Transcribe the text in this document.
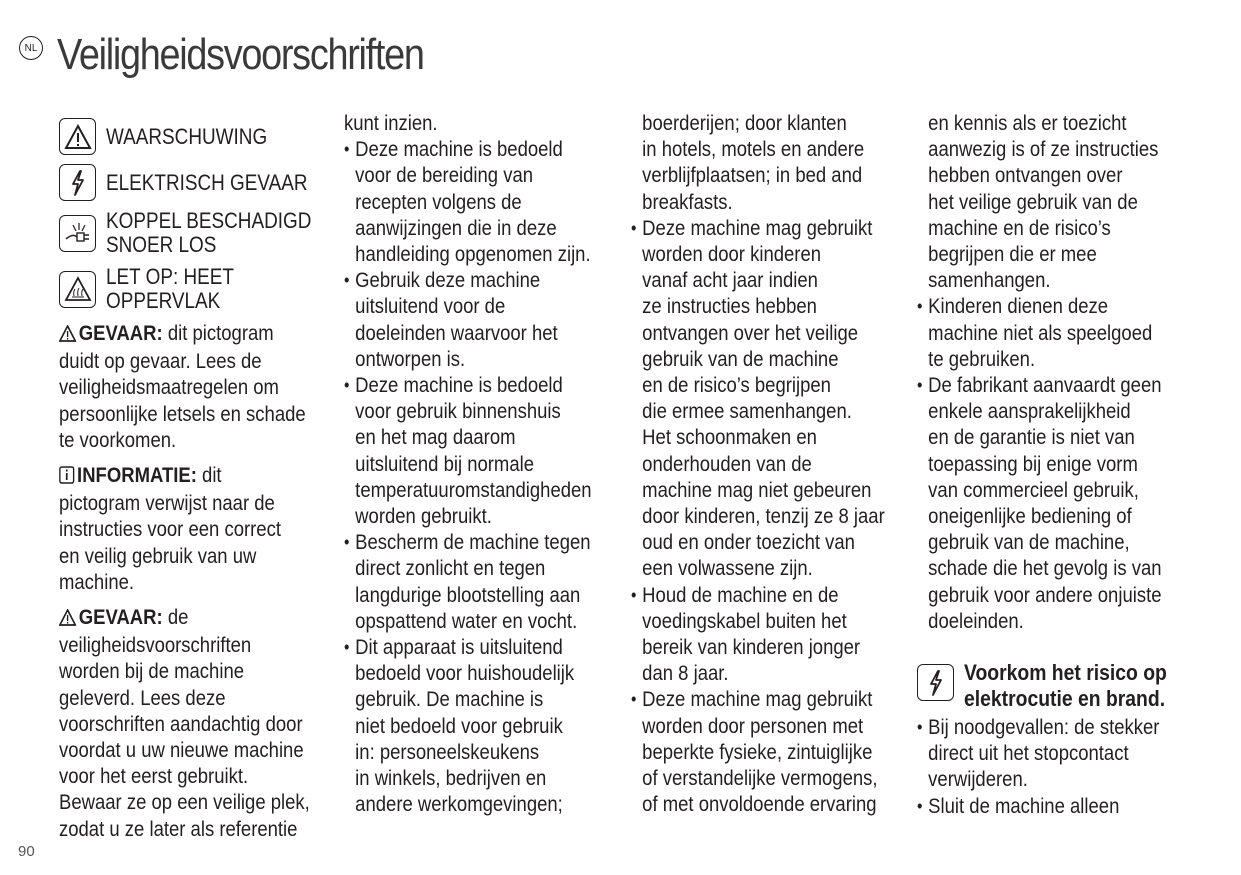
NL Veiligheidsvoorschriften
WAARSCHUWING
ELEKTRISCH GEVAAR
KOPPEL BESCHADIGD
SNOER LOS
LET OP: HEET
OPPERVLAK
GEVAAR: dit pictogram
duidt op gevaar. Lees de
veiligheidsmaatregelen om
persoonlijke letsels en schade
te voorkomen.
INFORMATIE: dit
pictogram verwijst naar de
instructies voor een correct
en veilig gebruik van uw
machine.
GEVAAR: de
veiligheidsvoorschriften
worden bij de machine
geleverd. Lees deze
voorschriften aandachtig door
voordat u uw nieuwe machine
voor het eerst gebruikt.
Bewaar ze op een veilige plek,
zodat u ze later als referentie
kunt inzien.
• Deze machine is bedoeld
voor de bereiding van
recepten volgens de
aanwijzingen die in deze
handleiding opgenomen zijn.
• Gebruik deze machine
uitsluitend voor de
doeleinden waarvoor het
ontworpen is.
• Deze machine is bedoeld
voor gebruik binnenshuis
en het mag daarom
uitsluitend bij normale
temperatuuromstandigheden
worden gebruikt.
• Bescherm de machine tegen
direct zonlicht en tegen
langdurige blootstelling aan
opspattend water en vocht.
• Dit apparaat is uitsluitend
bedoeld voor huishoudelijk
gebruik. De machine is
niet bedoeld voor gebruik
in: personeelskeukens
in winkels, bedrijven en
andere werkomgevingen;
boerderijen; door klanten
in hotels, motels en andere
verblijfplaatsen; in bed and
breakfasts.
• Deze machine mag gebruikt
worden door kinderen
vanaf acht jaar indien
ze instructies hebben
ontvangen over het veilige
gebruik van de machine
en de risico’s begrijpen
die ermee samenhangen.
Het schoonmaken en
onderhouden van de
machine mag niet gebeuren
door kinderen, tenzij ze 8 jaar
oud en onder toezicht van
een volwassene zijn.
• Houd de machine en de
voedingskabel buiten het
bereik van kinderen jonger
dan 8 jaar.
• Deze machine mag gebruikt
worden door personen met
beperkte fysieke, zintuiglijke
of verstandelijke vermogens,
of met onvoldoende ervaring
en kennis als er toezicht
aanwezig is of ze instructies
hebben ontvangen over
het veilige gebruik van de
machine en de risico’s
begrijpen die er mee
samenhangen.
• Kinderen dienen deze
machine niet als speelgoed
te gebruiken.
• De fabrikant aanvaardt geen
enkele aansprakelijkheid
en de garantie is niet van
toepassing bij enige vorm
van commercieel gebruik,
oneigenlijke bediening of
gebruik van de machine,
schade die het gevolg is van
gebruik voor andere onjuiste
doeleinden.
Voorkom het risico op
elektrocutie en brand.
• Bij noodgevallen: de stekker
direct uit het stopcontact
verwijderen.
• Sluit de machine alleen
90
